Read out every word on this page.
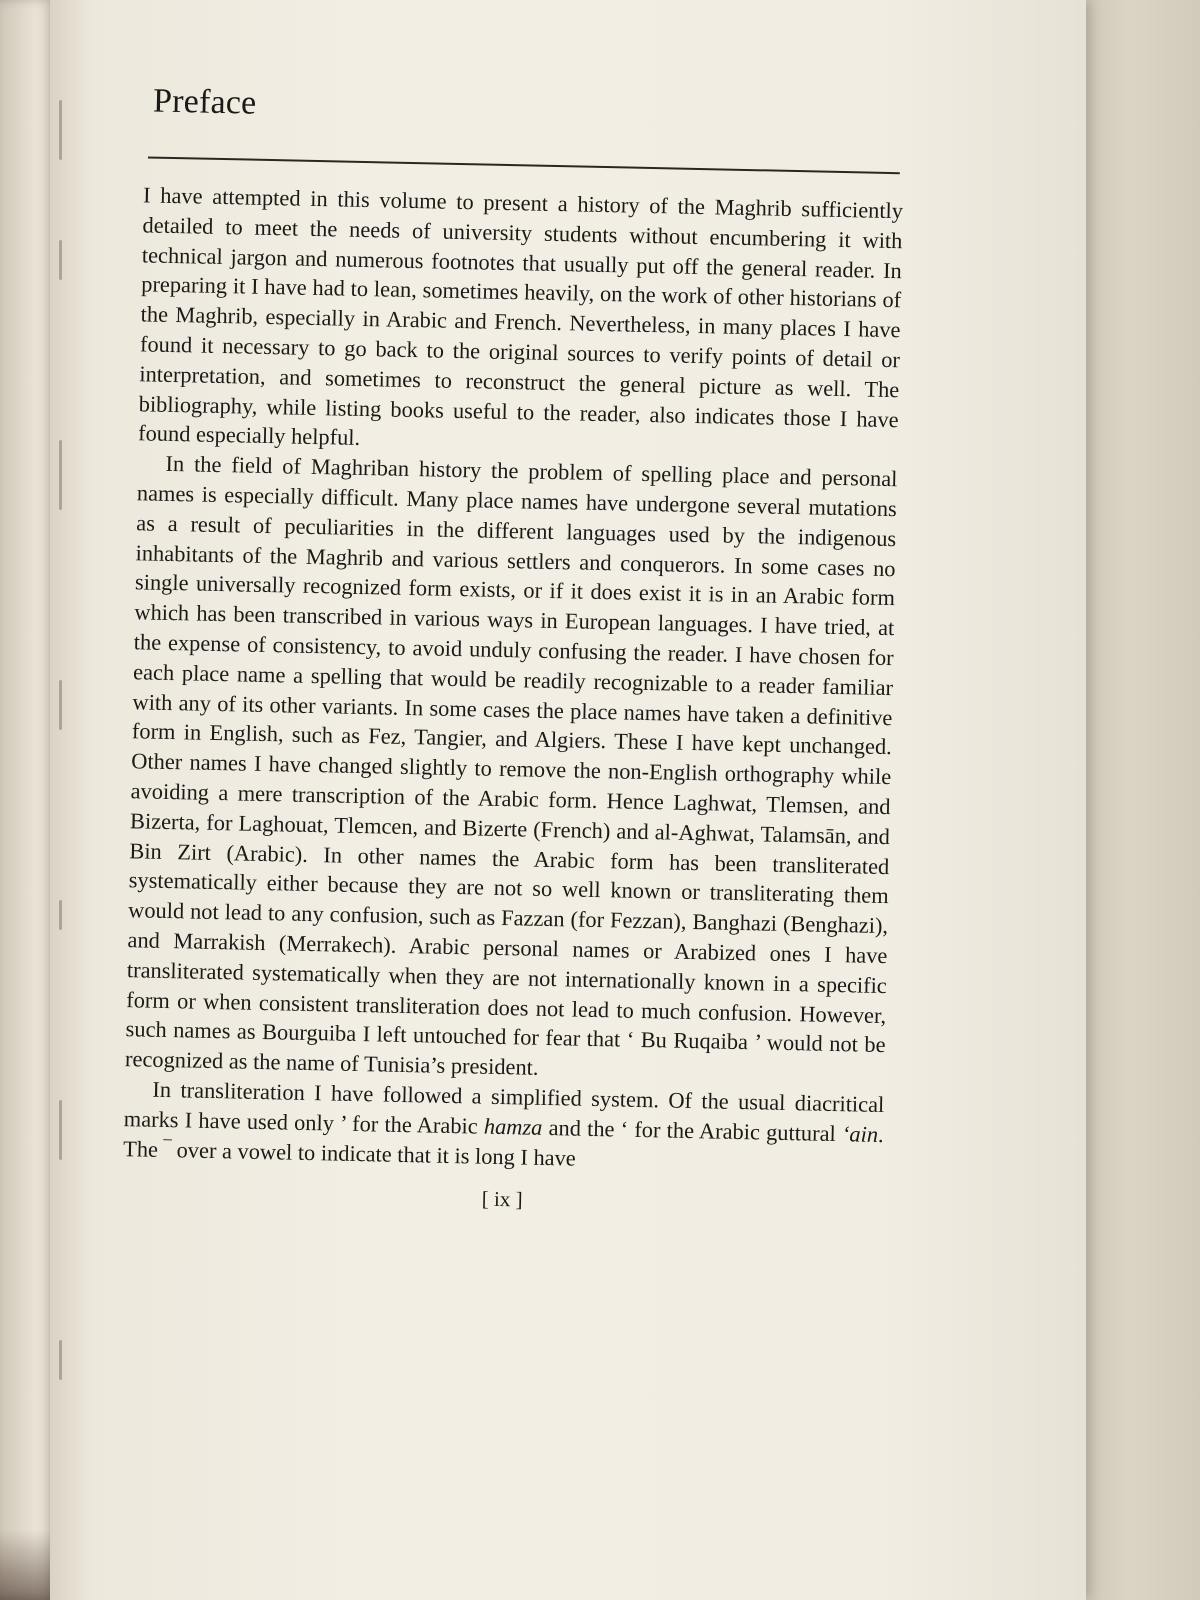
Preface

I have attempted in this volume to present a history of the Maghrib sufficiently detailed to meet the needs of university students without encumbering it with technical jargon and numerous footnotes that usually put off the general reader. In preparing it I have had to lean, sometimes heavily, on the work of other historians of the Maghrib, especially in Arabic and French. Nevertheless, in many places I have found it necessary to go back to the original sources to verify points of detail or interpretation, and sometimes to reconstruct the general picture as well. The bibliography, while listing books useful to the reader, also indicates those I have found especially helpful.

In the field of Maghriban history the problem of spelling place and personal names is especially difficult. Many place names have undergone several mutations as a result of peculiarities in the different languages used by the indigenous inhabitants of the Maghrib and various settlers and conquerors. In some cases no single universally recognized form exists, or if it does exist it is in an Arabic form which has been transcribed in various ways in European languages. I have tried, at the expense of consistency, to avoid unduly confusing the reader. I have chosen for each place name a spelling that would be readily recognizable to a reader familiar with any of its other variants. In some cases the place names have taken a definitive form in English, such as Fez, Tangier, and Algiers. These I have kept unchanged. Other names I have changed slightly to remove the non-English orthography while avoiding a mere transcription of the Arabic form. Hence Laghwat, Tlemsen, and Bizerta, for Laghouat, Tlemcen, and Bizerte (French) and al-Aghwat, Talamsān, and Bin Zirt (Arabic). In other names the Arabic form has been transliterated systematically either because they are not so well known or transliterating them would not lead to any confusion, such as Fazzan (for Fezzan), Banghazi (Benghazi), and Marrakish (Merrakech). Arabic personal names or Arabized ones I have transliterated systematically when they are not internationally known in a specific form or when consistent transliteration does not lead to much confusion. However, such names as Bourguiba I left untouched for fear that ‘ Bu Ruqaiba ’ would not be recognized as the name of Tunisia’s president.

In transliteration I have followed a simplified system. Of the usual diacritical marks I have used only ’ for the Arabic hamza and the ‘ for the Arabic guttural ‘ain. The ‾ over a vowel to indicate that it is long I have

[ ix ]
